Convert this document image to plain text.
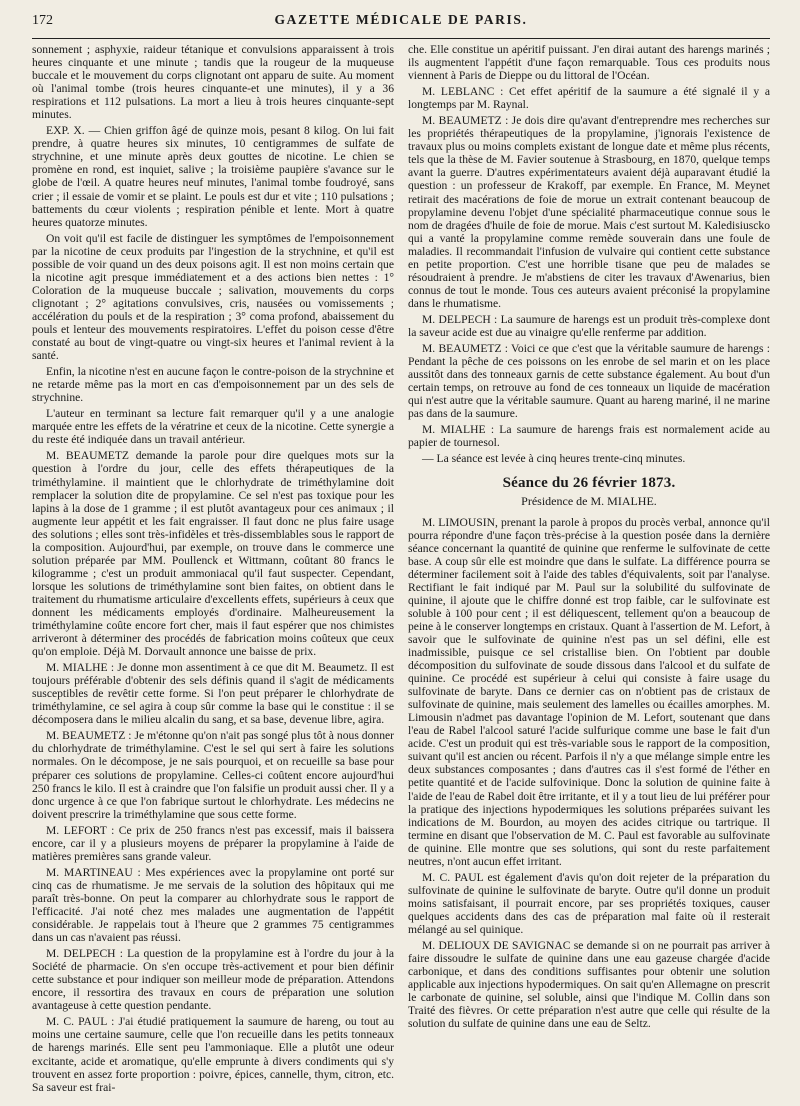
172	GAZETTE MÉDICALE DE PARIS.

sonnement ; asphyxie, raideur tétanique et convulsions apparaissent à trois heures cinquante et une minute ; tandis que la rougeur de la muqueuse buccale et le mouvement du corps clignotant ont apparu de suite. Au moment où l'animal tombe (trois heures cinquante-et une minutes), il y a 36 respirations et 112 pulsations. La mort a lieu à trois heures cinquante-sept minutes.

EXP. X. — Chien griffon âgé de quinze mois, pesant 8 kilog. On lui fait prendre, à quatre heures six minutes, 10 centigrammes de sulfate de strychnine, et une minute après deux gouttes de nicotine. Le chien se promène en rond, est inquiet, salive ; la troisième paupière s'avance sur le globe de l'œil. A quatre heures neuf minutes, l'animal tombe foudroyé, sans crier ; il essaie de vomir et se plaint. Le pouls est dur et vite ; 110 pulsations ; battements du cœur violents ; respiration pénible et lente. Mort à quatre heures quatorze minutes.

On voit qu'il est facile de distinguer les symptômes de l'empoisonnement par la nicotine de ceux produits par l'ingestion de la strychnine, et qu'il est possible de voir quand un des deux poisons agit. Il est non moins certain que la nicotine agit presque immédiatement et a des actions bien nettes : 1° Coloration de la muqueuse buccale ; salivation, mouvements du corps clignotant ; 2° agitations convulsives, cris, nausées ou vomissements ; accélération du pouls et de la respiration ; 3° coma profond, abaissement du pouls et lenteur des mouvements respiratoires. L'effet du poison cesse d'être constaté au bout de vingt-quatre ou vingt-six heures et l'animal revient à la santé.

Enfin, la nicotine n'est en aucune façon le contre-poison de la strychnine et ne retarde même pas la mort en cas d'empoisonnement par un des sels de strychnine.

L'auteur en terminant sa lecture fait remarquer qu'il y a une analogie marquée entre les effets de la vératrine et ceux de la nicotine. Cette synergie a du reste été indiquée dans un travail antérieur.

M. BEAUMETZ demande la parole pour dire quelques mots sur la question à l'ordre du jour, celle des effets thérapeutiques de la triméthylamine. il maintient que le chlorhydrate de triméthylamine doit remplacer la solution dite de propylamine. Ce sel n'est pas toxique pour les lapins à la dose de 1 gramme ; il est plutôt avantageux pour ces animaux ; il augmente leur appétit et les fait engraisser. Il faut donc ne plus faire usage des solutions ; elles sont très-infidèles et très-dissemblables sous le rapport de la composition. Aujourd'hui, par exemple, on trouve dans le commerce une solution préparée par MM. Poullenck et Wittmann, coûtant 80 francs le kilogramme ; c'est un produit ammoniacal qu'il faut suspecter. Cependant, lorsque les solutions de triméthylamine sont bien faites, on obtient dans le traitement du rhumatisme articulaire d'excellents effets, supérieurs à ceux que donnent les médicaments employés d'ordinaire. Malheureusement la triméthylamine coûte encore fort cher, mais il faut espérer que nos chimistes arriveront à déterminer des procédés de fabrication moins coûteux que ceux qu'on emploie. Déjà M. Dorvault annonce une baisse de prix.

M. MIALHE : Je donne mon assentiment à ce que dit M. Beaumetz. Il est toujours préférable d'obtenir des sels définis quand il s'agit de médicaments susceptibles de revêtir cette forme. Si l'on peut préparer le chlorhydrate de triméthylamine, ce sel agira à coup sûr comme la base qui le constitue : il se décomposera dans le milieu alcalin du sang, et sa base, devenue libre, agira.

M. BEAUMETZ : Je m'étonne qu'on n'ait pas songé plus tôt à nous donner du chlorhydrate de triméthylamine. C'est le sel qui sert à faire les solutions normales. On le décompose, je ne sais pourquoi, et on recueille sa base pour préparer ces solutions de propylamine. Celles-ci coûtent encore aujourd'hui 250 francs le kilo. Il est à craindre que l'on falsifie un produit aussi cher. Il y a donc urgence à ce que l'on fabrique surtout le chlorhydrate. Les médecins ne doivent prescrire la triméthylamine que sous cette forme.

M. LEFORT : Ce prix de 250 francs n'est pas excessif, mais il baissera encore, car il y a plusieurs moyens de préparer la propylamine à l'aide de matières premières sans grande valeur.

M. MARTINEAU : Mes expériences avec la propylamine ont porté sur cinq cas de rhumatisme. Je me servais de la solution des hôpitaux qui me paraît très-bonne. On peut la comparer au chlorhydrate sous le rapport de l'efficacité. J'ai noté chez mes malades une augmentation de l'appétit considérable. Je rappelais tout à l'heure que 2 grammes 75 centigrammes dans un cas n'avaient pas réussi.

M. DELPECH : La question de la propylamine est à l'ordre du jour à la Société de pharmacie. On s'en occupe très-activement et pour bien définir cette substance et pour indiquer son meilleur mode de préparation. Attendons encore, il ressortira des travaux en cours de préparation une solution avantageuse à cette question pendante.

M. C. PAUL : J'ai étudié pratiquement la saumure de hareng, ou tout au moins une certaine saumure, celle que l'on recueille dans les petits tonneaux de harengs marinés. Elle sent peu l'ammoniaque. Elle a plutôt une odeur excitante, acide et aromatique, qu'elle emprunte à divers condiments qui s'y trouvent en assez forte proportion : poivre, épices, cannelle, thym, citron, etc. Sa saveur est frai-

che. Elle constitue un apéritif puissant. J'en dirai autant des harengs marinés ; ils augmentent l'appétit d'une façon remarquable. Tous ces produits nous viennent à Paris de Dieppe ou du littoral de l'Océan.

M. LEBLANC : Cet effet apéritif de la saumure a été signalé il y a longtemps par M. Raynal.

M. BEAUMETZ : Je dois dire qu'avant d'entreprendre mes recherches sur les propriétés thérapeutiques de la propylamine, j'ignorais l'existence de travaux plus ou moins complets existant de longue date et même plus récents, tels que la thèse de M. Favier soutenue à Strasbourg, en 1870, quelque temps avant la guerre. D'autres expérimentateurs avaient déjà auparavant étudié la question : un professeur de Krakoff, par exemple. En France, M. Meynet retirait des macérations de foie de morue un extrait contenant beaucoup de propylamine devenu l'objet d'une spécialité pharmaceutique connue sous le nom de dragées d'huile de foie de morue. Mais c'est surtout M. Kaledisiuscko qui a vanté la propylamine comme remède souverain dans une foule de maladies. Il recommandait l'infusion de vulvaire qui contient cette substance en petite proportion. C'est une horrible tisane que peu de malades se résoudraient à prendre. Je m'abstiens de citer les travaux d'Awenarius, bien connus de tout le monde. Tous ces auteurs avaient préconisé la propylamine dans le rhumatisme.

M. DELPECH : La saumure de harengs est un produit très-complexe dont la saveur acide est due au vinaigre qu'elle renferme par addition.

M. BEAUMETZ : Voici ce que c'est que la véritable saumure de harengs : Pendant la pêche de ces poissons on les enrobe de sel marin et on les place aussitôt dans des tonneaux garnis de cette substance également. Au bout d'un certain temps, on retrouve au fond de ces tonneaux un liquide de macération qui n'est autre que la véritable saumure. Quant au hareng mariné, il ne marine pas dans de la saumure.

M. MIALHE : La saumure de harengs frais est normalement acide au papier de tournesol.

— La séance est levée à cinq heures trente-cinq minutes.

Séance du 26 février 1873.
Présidence de M. MIALHE.

M. LIMOUSIN, prenant la parole à propos du procès verbal, annonce qu'il pourra répondre d'une façon très-précise à la question posée dans la dernière séance concernant la quantité de quinine que renferme le sulfovinate de cette base. A coup sûr elle est moindre que dans le sulfate. La différence pourra se déterminer facilement soit à l'aide des tables d'équivalents, soit par l'analyse. Rectifiant le fait indiqué par M. Paul sur la solubilité du sulfovinate de quinine, il ajoute que le chiffre donné est trop faible, car le sulfovinate est soluble à 100 pour cent ; il est déliquescent, tellement qu'on a beaucoup de peine à le conserver longtemps en cristaux. Quant à l'assertion de M. Lefort, à savoir que le sulfovinate de quinine n'est pas un sel défini, elle est inadmissible, puisque ce sel cristallise bien. On l'obtient par double décomposition du sulfovinate de soude dissous dans l'alcool et du sulfate de quinine. Ce procédé est supérieur à celui qui consiste à faire usage du sulfovinate de baryte. Dans ce dernier cas on n'obtient pas de cristaux de sulfovinate de quinine, mais seulement des lamelles ou écailles amorphes. M. Limousin n'admet pas davantage l'opinion de M. Lefort, soutenant que dans l'eau de Rabel l'alcool saturé l'acide sulfurique comme une base le fait d'un acide. C'est un produit qui est très-variable sous le rapport de la composition, suivant qu'il est ancien ou récent. Parfois il n'y a que mélange simple entre les deux substances composantes ; dans d'autres cas il s'est formé de l'éther en petite quantité et de l'acide sulfovinique. Donc la solution de quinine faite à l'aide de l'eau de Rabel doit être irritante, et il y a tout lieu de lui préférer pour la pratique des injections hypodermiques les solutions préparées suivant les indications de M. Bourdon, au moyen des acides citrique ou tartrique. Il termine en disant que l'observation de M. C. Paul est favorable au sulfovinate de quinine. Elle montre que ses solutions, qui sont du reste parfaitement neutres, n'ont aucun effet irritant.

M. C. PAUL est également d'avis qu'on doit rejeter de la préparation du sulfovinate de quinine le sulfovinate de baryte. Outre qu'il donne un produit moins satisfaisant, il pourrait encore, par ses propriétés toxiques, causer quelques accidents dans des cas de préparation mal faite où il resterait mélangé au sel quinique.

M. DELIOUX DE SAVIGNAC se demande si on ne pourrait pas arriver à faire dissoudre le sulfate de quinine dans une eau gazeuse chargée d'acide carbonique, et dans des conditions suffisantes pour obtenir une solution applicable aux injections hypodermiques. On sait qu'en Allemagne on prescrit le carbonate de quinine, sel soluble, ainsi que l'indique M. Collin dans son Traité des fièvres. Or cette préparation n'est autre que celle qui résulte de la solution du sulfate de quinine dans une eau de Seltz.
